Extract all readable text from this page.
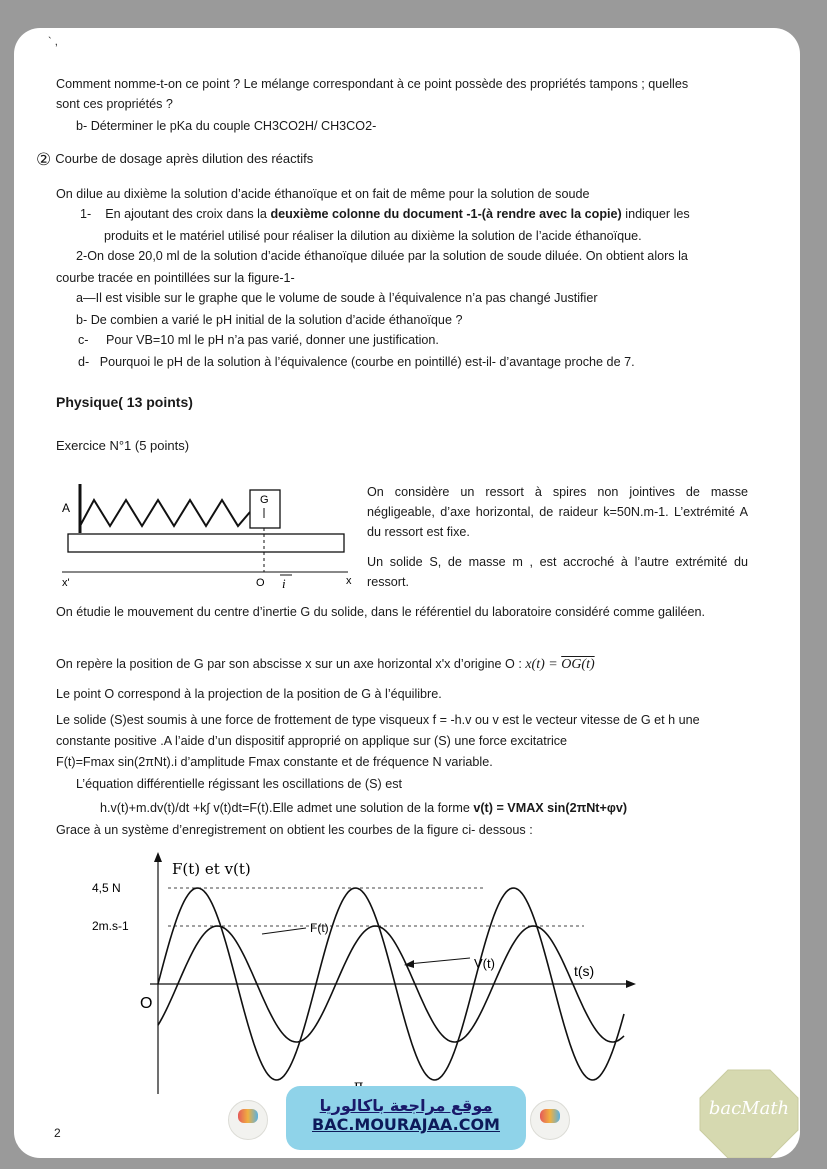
` ,
Comment nomme-t-on ce point ? Le mélange correspondant à ce point possède des propriétés tampons ; quelles
sont ces propriétés ?
b- Déterminer le pKa du couple CH3CO2H/ CH3CO2-
② Courbe de dosage après dilution des réactifs
On dilue au dixième la solution d’acide éthanoïque et on fait de même pour la solution de soude
1- En ajoutant des croix dans la deuxième colonne du document -1-(à rendre avec la copie) indiquer les
produits et le matériel utilisé pour réaliser la dilution au dixième la solution de l’acide éthanoïque.
2-On dose 20,0 ml de la solution d’acide éthanoïque diluée par la solution de soude diluée. On obtient alors la
courbe tracée en pointillées sur la figure-1-
a—Il est visible sur le graphe que le volume de soude à l’équivalence n’a pas changé Justifier
b- De combien a varié le pH initial de la solution d’acide éthanoïque ?
c- Pour VB=10 ml le pH n’a pas varié, donner une justification.
d- Pourquoi le pH de la solution à l’équivalence (courbe en pointillé) est-il- d’avantage proche de 7.
Physique( 13 points)
Exercice N°1 (5 points)
G
A
x'	O i	x
On considère un ressort à spires non jointives de masse négligeable, d’axe horizontal, de raideur k=50N.m-1. L’extrémité A du ressort est fixe.
Un solide S, de masse m , est accroché à l’autre extrémité du ressort.
On étudie le mouvement du centre d’inertie G du solide, dans le référentiel du laboratoire considéré comme galiléen.
On repère la position de G par son abscisse x sur un axe horizontal x'x d’origine O : x(t) = OG(t)
Le point O correspond à la projection de la position de G à l’équilibre.
Le solide (S)est soumis à une force de frottement de type visqueux f = -h.v ou v est le vecteur vitesse de G et h une
constante positive .A l’aide d’un dispositif approprié on applique sur (S) une force excitatrice
F(t)=Fmax sin(2πNt).i d’amplitude Fmax constante et de fréquence N variable.
L’équation différentielle régissant les oscillations de (S) est
h.v(t)+m.dv(t)/dt +k∫ v(t)dt=F(t).Elle admet une solution de la forme v(t) = VMAX sin(2πNt+φv)
Grace à un système d’enregistrement on obtient les courbes de la figure ci- dessous :
F(t) et v(t)
4,5 N
2m.s-1
O
t(s)
F(t)
V(t)
2
موقع مراجعة باكالوريا
BAC.MOURAJAA.COM
bacMath
